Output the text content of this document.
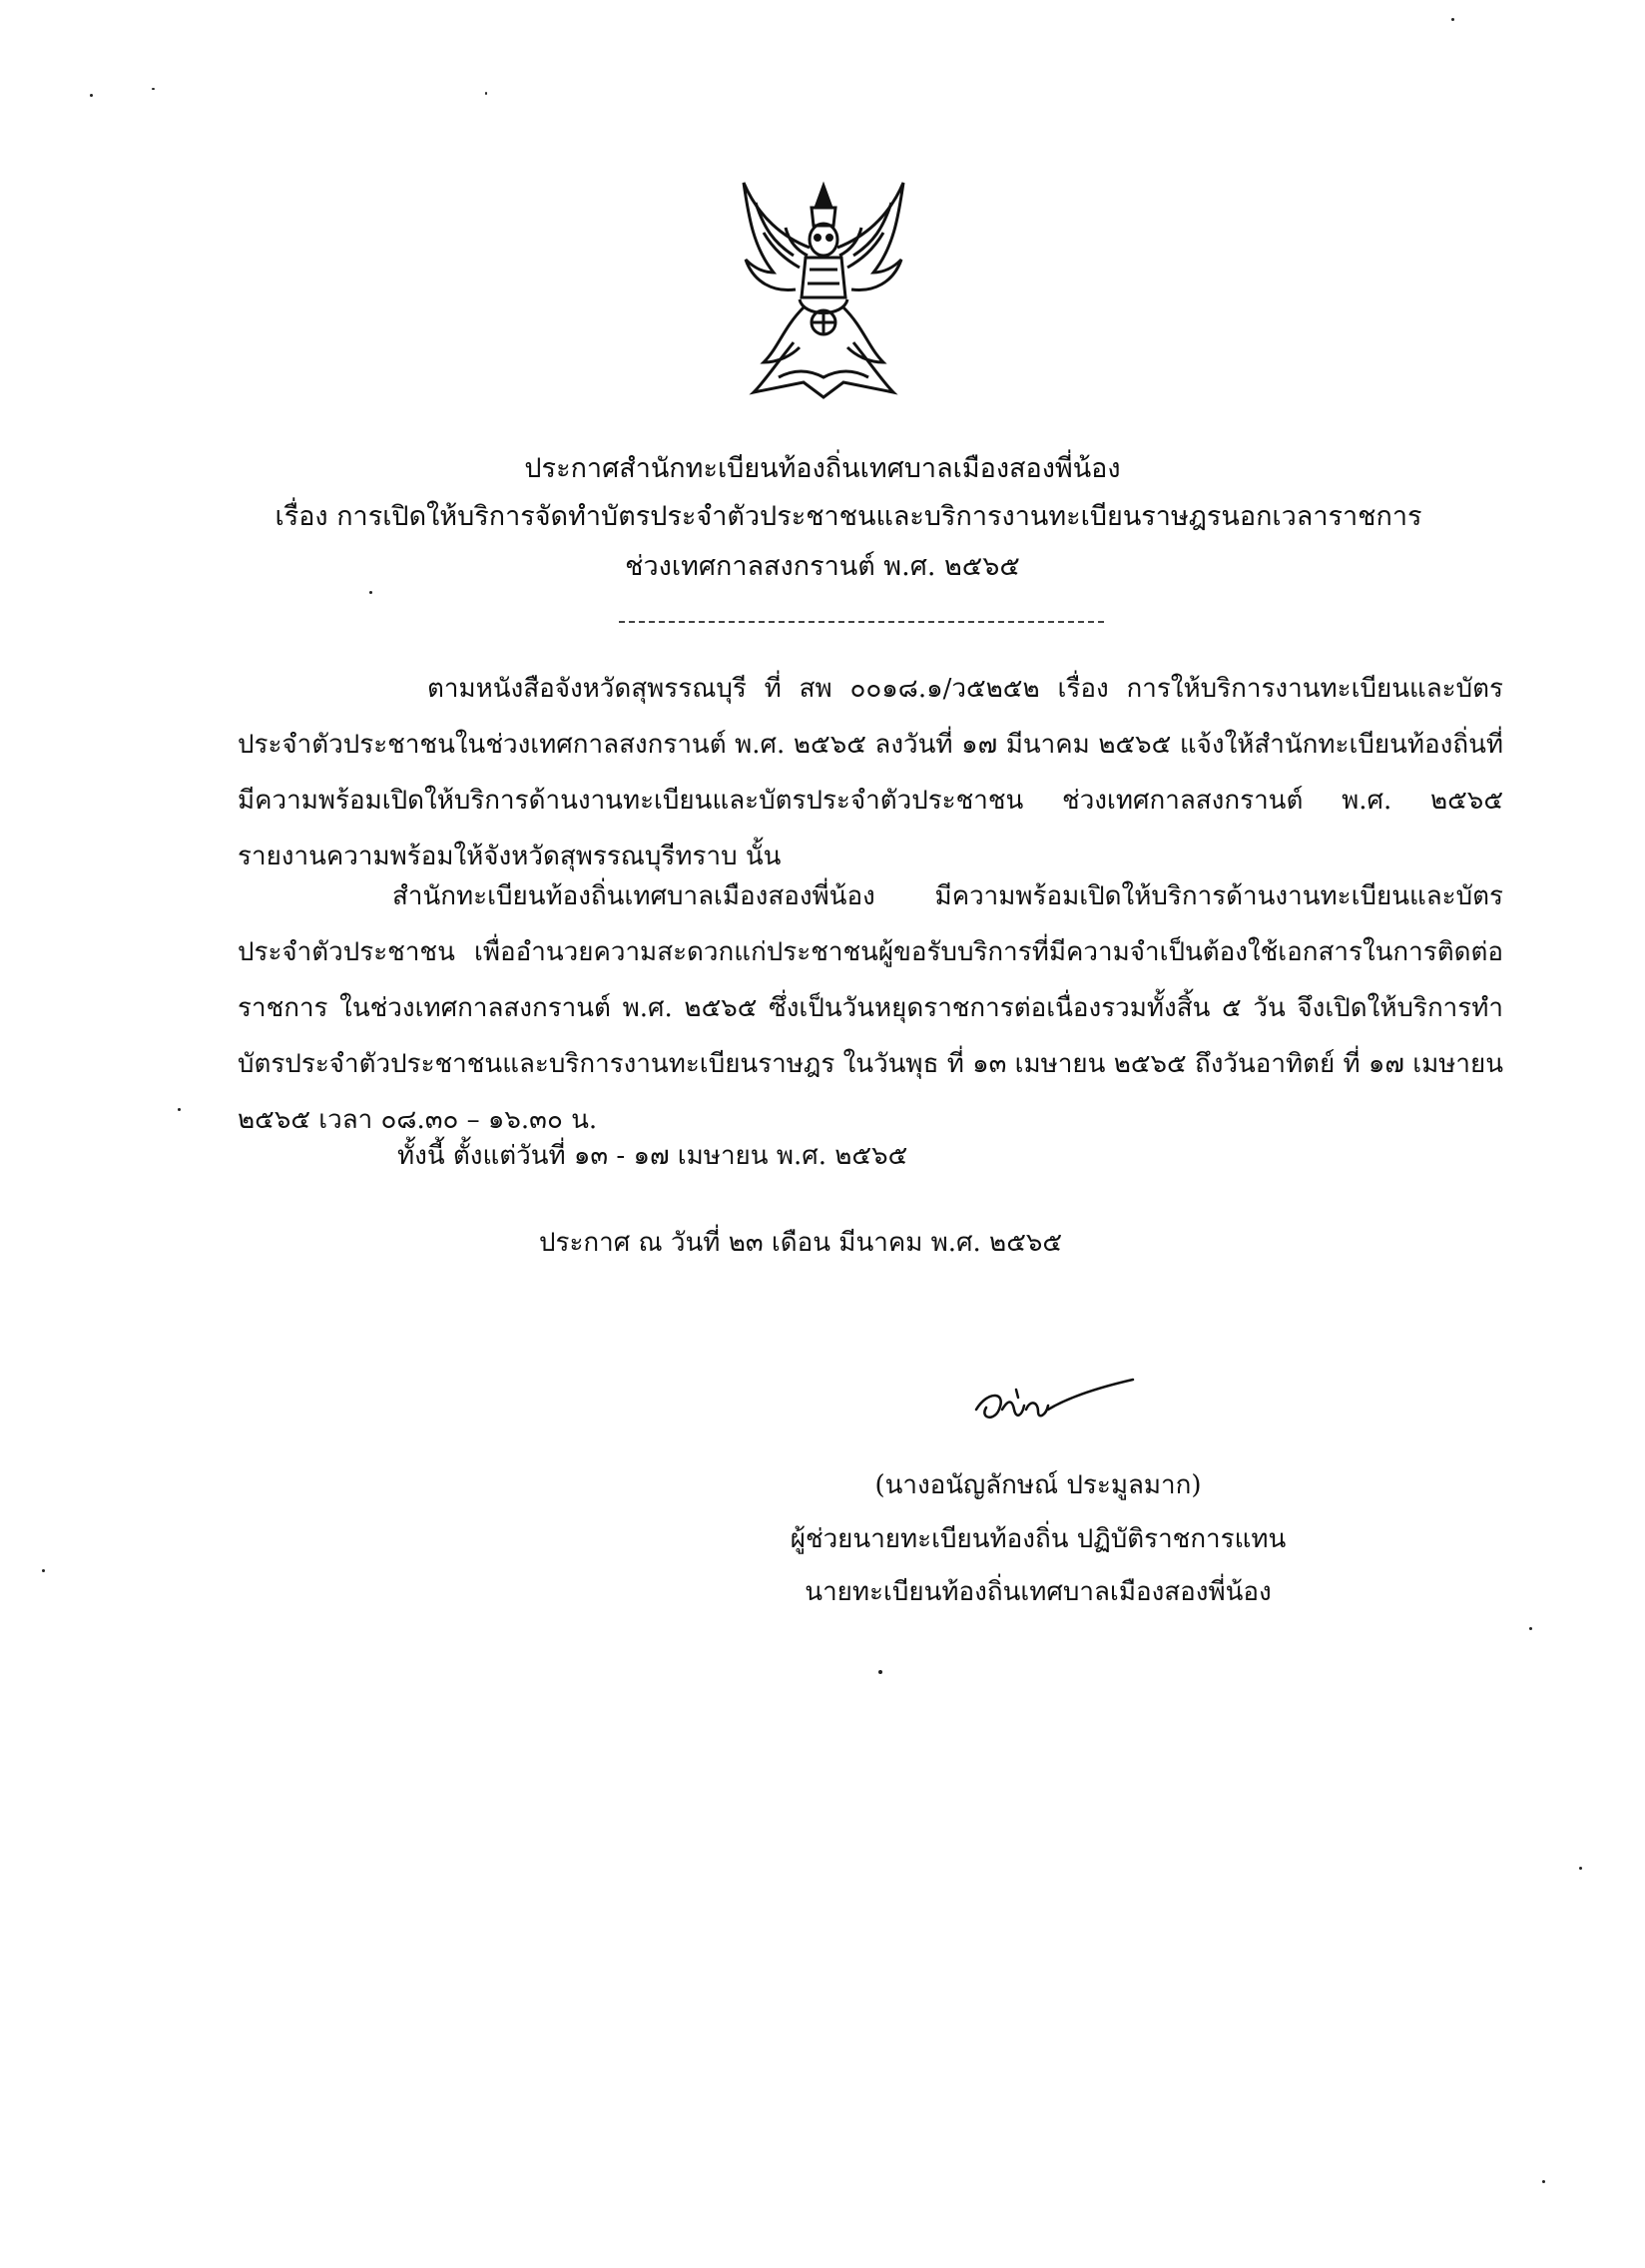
ประกาศสำนักทะเบียนท้องถิ่นเทศบาลเมืองสองพี่น้อง
เรื่อง การเปิดให้บริการจัดทำบัตรประจำตัวประชาชนและบริการงานทะเบียนราษฎรนอกเวลาราชการ
ช่วงเทศกาลสงกรานต์ พ.ศ. ๒๕๖๕
ตามหนังสือจังหวัดสุพรรณบุรี ที่ สพ ๐๐๑๘.๑/ว๕๒๕๒ เรื่อง การให้บริการงานทะเบียนและบัตรประจำตัวประชาชนในช่วงเทศกาลสงกรานต์ พ.ศ. ๒๕๖๕ ลงวันที่ ๑๗ มีนาคม ๒๕๖๕ แจ้งให้สำนักทะเบียนท้องถิ่นที่มีความพร้อมเปิดให้บริการด้านงานทะเบียนและบัตรประจำตัวประชาชน ช่วงเทศกาลสงกรานต์ พ.ศ. ๒๕๖๕ รายงานความพร้อมให้จังหวัดสุพรรณบุรีทราบ นั้น
สำนักทะเบียนท้องถิ่นเทศบาลเมืองสองพี่น้อง มีความพร้อมเปิดให้บริการด้านงานทะเบียนและบัตรประจำตัวประชาชน เพื่ออำนวยความสะดวกแก่ประชาชนผู้ขอรับบริการที่มีความจำเป็นต้องใช้เอกสารในการติดต่อราชการ ในช่วงเทศกาลสงกรานต์ พ.ศ. ๒๕๖๕ ซึ่งเป็นวันหยุดราชการต่อเนื่องรวมทั้งสิ้น ๕ วัน จึงเปิดให้บริการทำบัตรประจำตัวประชาชนและบริการงานทะเบียนราษฎร ในวันพุธ ที่ ๑๓ เมษายน ๒๕๖๕ ถึงวันอาทิตย์ ที่ ๑๗ เมษายน ๒๕๖๕ เวลา ๐๘.๓๐ – ๑๖.๓๐ น.
ทั้งนี้ ตั้งแต่วันที่ ๑๓ - ๑๗ เมษายน พ.ศ. ๒๕๖๕
ประกาศ ณ วันที่ ๒๓ เดือน มีนาคม พ.ศ. ๒๕๖๕
(นางอนัญลักษณ์ ประมูลมาก)
ผู้ช่วยนายทะเบียนท้องถิ่น ปฏิบัติราชการแทน
นายทะเบียนท้องถิ่นเทศบาลเมืองสองพี่น้อง
